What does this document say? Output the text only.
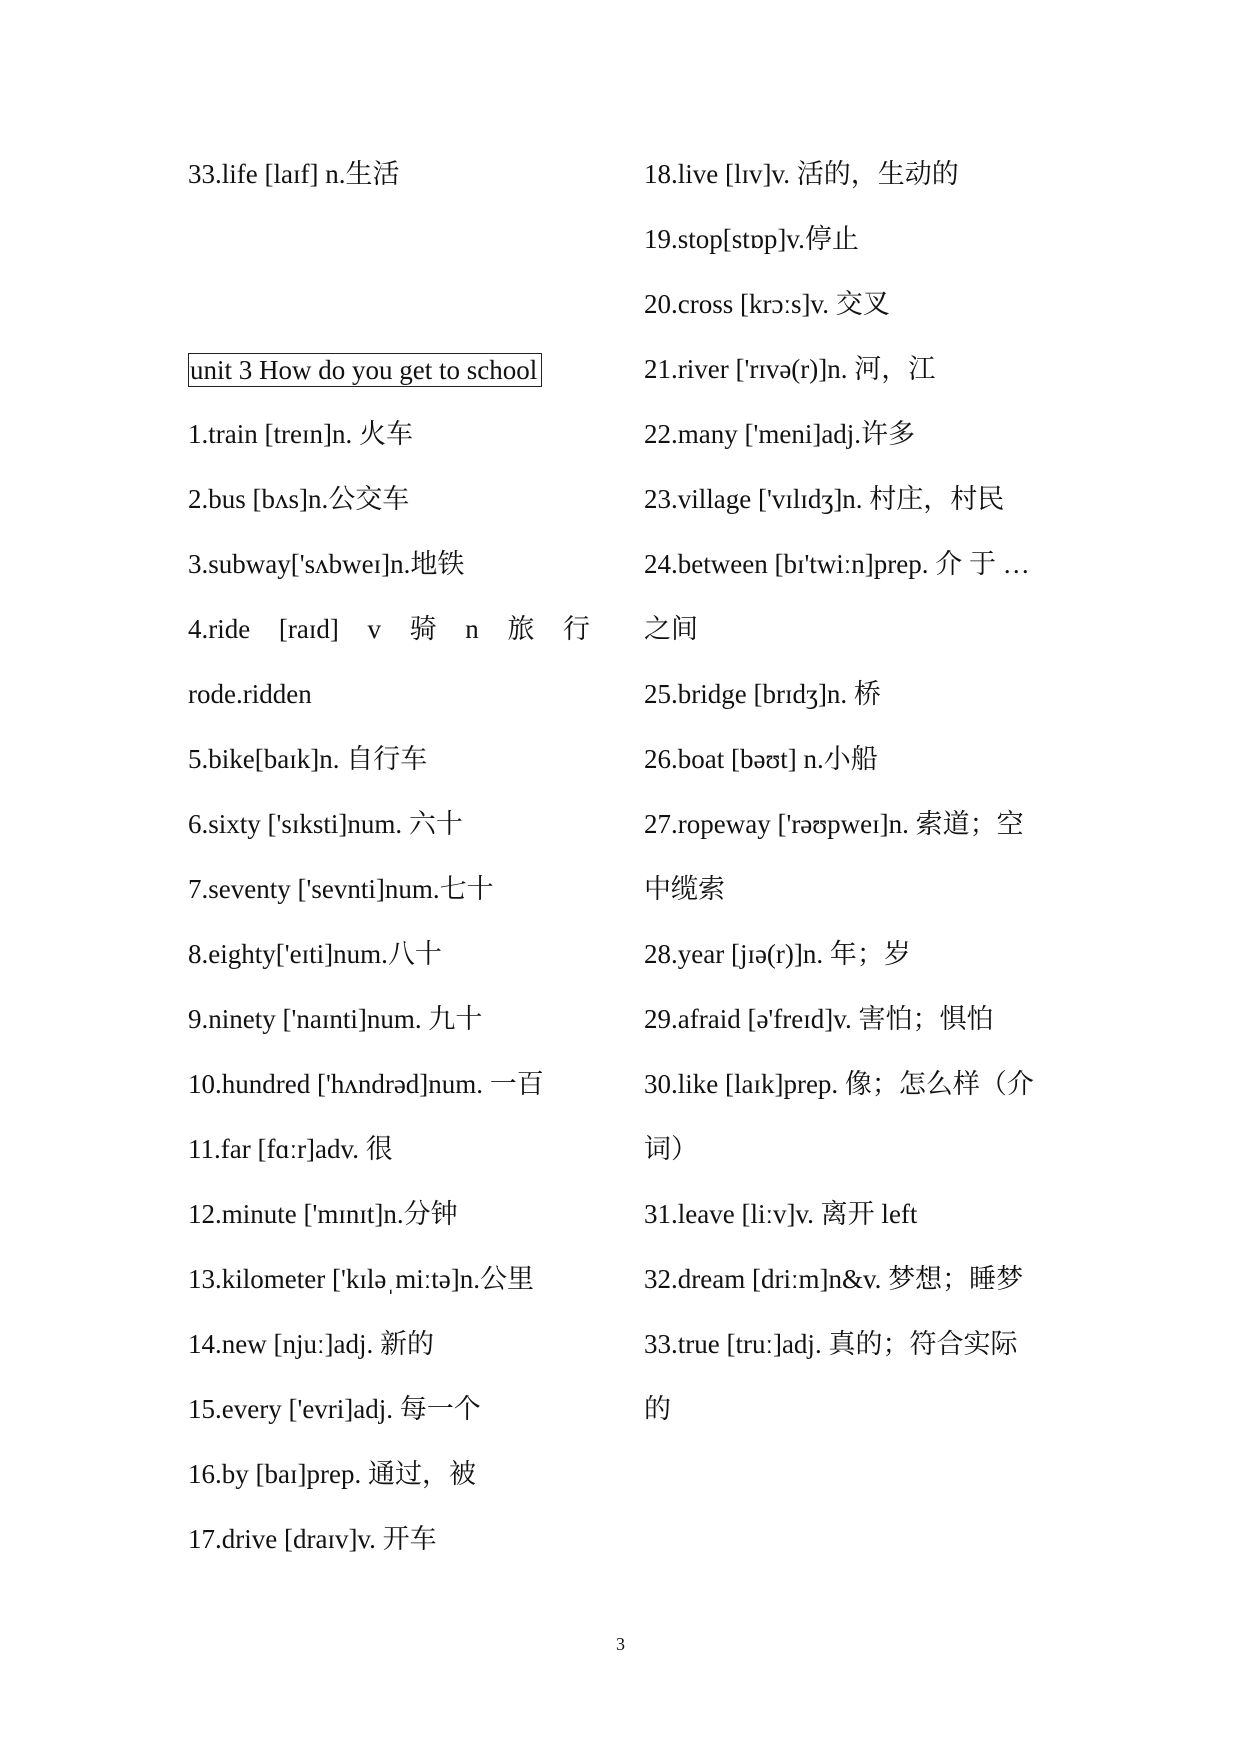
33.life [laɪf] n.生活
unit 3 How do you get to school
1.train [treɪn]n. 火车
2.bus [bʌs]n.公交车
3.subway['sʌbweɪ]n.地铁
4.ride [raɪd] v 骑 n 旅 行
rode.ridden
5.bike[baɪk]n. 自行车
6.sixty ['sɪksti]num. 六十
7.seventy ['sevnti]num.七十
8.eighty['eɪti]num.八十
9.ninety ['naɪnti]num. 九十
10.hundred ['hʌndrəd]num. 一百
11.far [fɑːr]adv. 很
12.minute ['mɪnɪt]n.分钟
13.kilometer ['kɪləˌmiːtə]n.公里
14.new [njuː]adj. 新的
15.every ['evri]adj. 每一个
16.by [baɪ]prep. 通过，被
17.drive [draɪv]v. 开车
18.live [lɪv]v. 活的，生动的
19.stop[stɒp]v.停止
20.cross [krɔːs]v. 交叉
21.river ['rɪvə(r)]n. 河，江
22.many ['meni]adj.许多
23.village ['vɪlɪdʒ]n. 村庄，村民
24.between [bɪ'twiːn]prep. 介 于 …
之间
25.bridge [brɪdʒ]n. 桥
26.boat [bəʊt] n.小船
27.ropeway ['rəʊpweɪ]n. 索道；空
中缆索
28.year [jɪə(r)]n. 年；岁
29.afraid [ə'freɪd]v. 害怕；惧怕
30.like [laɪk]prep. 像；怎么样（介
词）
31.leave [liːv]v. 离开 left
32.dream [driːm]n&v. 梦想；睡梦
33.true [truː]adj. 真的；符合实际
的
3
